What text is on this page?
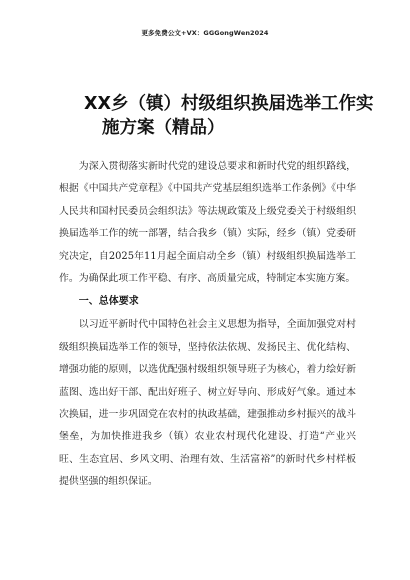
更多免费公文+VX：GGGongWen2024
XX乡（镇）村级组织换届选举工作实
施方案（精品）

为深入贯彻落实新时代党的建设总要求和新时代党的组织路线，根据《中国共产党章程》《中国共产党基层组织选举工作条例》《中华人民共和国村民委员会组织法》等法规政策及上级党委关于村级组织换届选举工作的统一部署，结合我乡（镇）实际，经乡（镇）党委研究决定，自2025年11月起全面启动全乡（镇）村级组织换届选举工作。为确保此项工作平稳、有序、高质量完成，特制定本实施方案。

一、总体要求

以习近平新时代中国特色社会主义思想为指导，全面加强党对村级组织换届选举工作的领导，坚持依法依规、发扬民主、优化结构、增强功能的原则，以选优配强村级组织领导班子为核心，着力绘好新蓝图、选出好干部、配出好班子、树立好导向、形成好气象。通过本次换届，进一步巩固党在农村的执政基础，建强推动乡村振兴的战斗堡垒，为加快推进我乡（镇）农业农村现代化建设、打造“产业兴旺、生态宜居、乡风文明、治理有效、生活富裕”的新时代乡村样板提供坚强的组织保证。
